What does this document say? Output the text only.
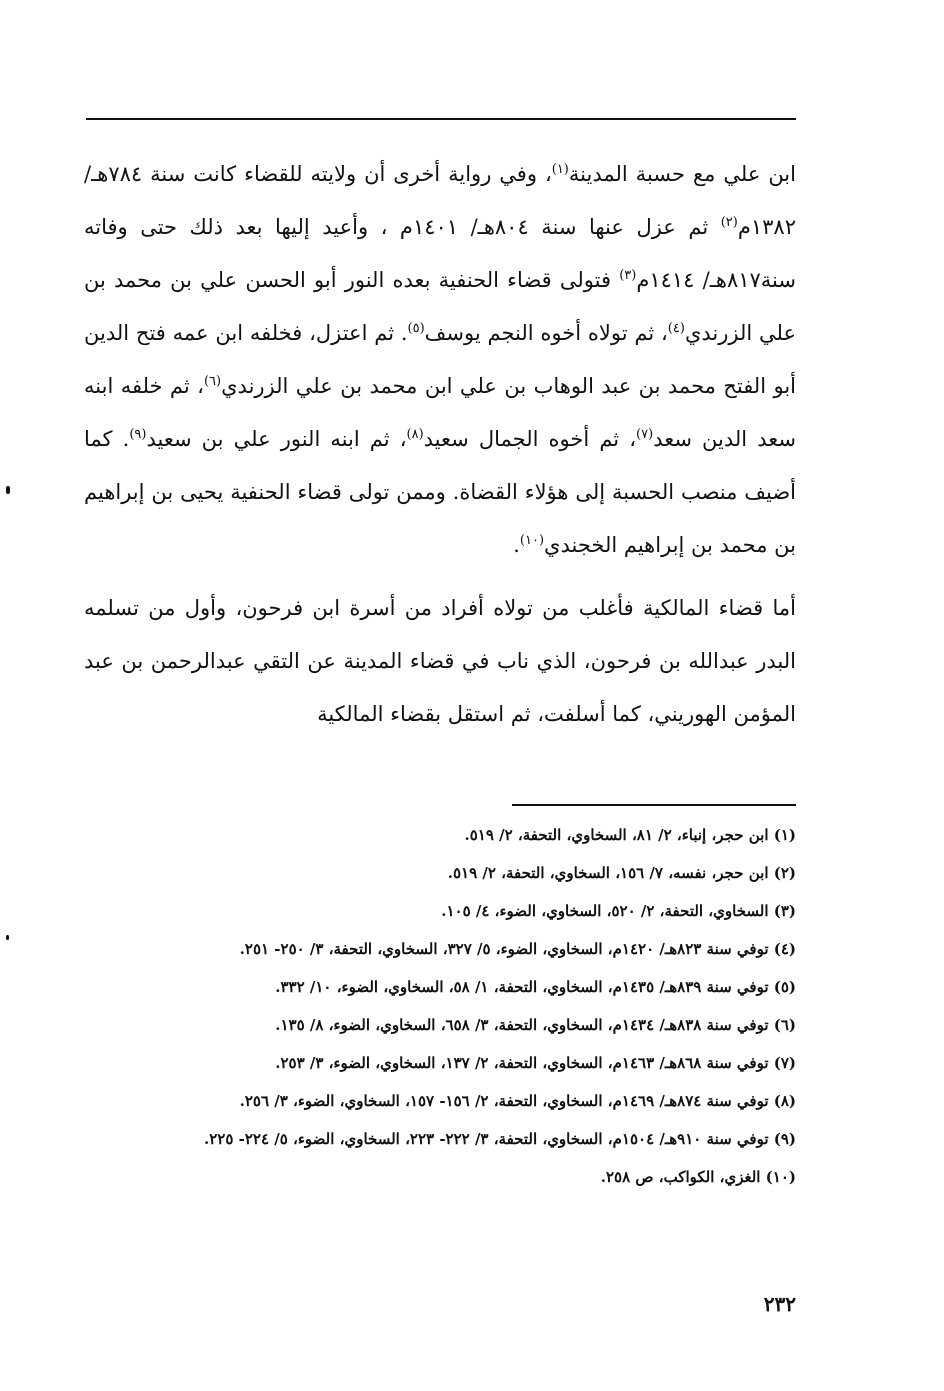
ابن علي مع حسبة المدينة$^{(١)}$، وفي رواية أخرى أن ولايته للقضاء كانت سنة ٧٨٤هـ/ ١٣٨٢م$^{(٢)}$ ثم عزل عنها سنة ٨٠٤هـ/ ١٤٠١م ، وأعيد إليها بعد ذلك حتى وفاته سنة٨١٧هـ/ ١٤١٤م$^{(٣)}$ فتولى قضاء الحنفية بعده النور أبو الحسن علي بن محمد بن علي الزرندي$^{(٤)}$، ثم تولاه أخوه النجم يوسف$^{(٥)}$. ثم اعتزل، فخلفه ابن عمه فتح الدين أبو الفتح محمد بن عبد الوهاب بن علي ابن محمد بن علي الزرندي$^{(٦)}$، ثم خلفه ابنه سعد الدين سعد$^{(٧)}$، ثم أخوه الجمال سعيد$^{(٨)}$، ثم ابنه النور علي بن سعيد$^{(٩)}$. كما أضيف منصب الحسبة إلى هؤلاء القضاة. وممن تولى قضاء الحنفية يحيى بن إبراهيم بن محمد بن إبراهيم الخجندي$^{(١٠)}$.

أما قضاء المالكية فأغلب من تولاه أفراد من أسرة ابن فرحون، وأول من تسلمه البدر عبدالله بن فرحون، الذي ناب في قضاء المدينة عن التقي عبدالرحمن بن عبد المؤمن الهوريني، كما أسلفت، ثم استقل بقضاء المالكية

(١) ابن حجر، إنباء، ٢/ ٨١، السخاوي، التحفة، ٢/ ٥١٩.

(٢) ابن حجر، نفسه، ٧/ ١٥٦، السخاوي، التحفة، ٢/ ٥١٩.

(٣) السخاوي، التحفة، ٢/ ٥٢٠، السخاوي، الضوء، ٤/ ١٠٥.

(٤) توفي سنة ٨٢٣هـ/ ١٤٢٠م، السخاوي، الضوء، ٥/ ٣٢٧، السخاوي، التحفة، ٣/ ٢٥٠- ٢٥١.

(٥) توفي سنة ٨٣٩هـ/ ١٤٣٥م، السخاوي، التحفة، ١/ ٥٨، السخاوي، الضوء، ١٠/ ٣٣٢.

(٦) توفي سنة ٨٣٨هـ/ ١٤٣٤م، السخاوي، التحفة، ٣/ ٦٥٨، السخاوي، الضوء، ٨/ ١٣٥.

(٧) توفي سنة ٨٦٨هـ/ ١٤٦٣م، السخاوي، التحفة، ٢/ ١٣٧، السخاوي، الضوء، ٣/ ٢٥٣.

(٨) توفي سنة ٨٧٤هـ/ ١٤٦٩م، السخاوي، التحفة، ٢/ ١٥٦- ١٥٧، السخاوي، الضوء، ٣/ ٢٥٦.

(٩) توفي سنة ٩١٠هـ/ ١٥٠٤م، السخاوي، التحفة، ٣/ ٢٢٢- ٢٢٣، السخاوي، الضوء، ٥/ ٢٢٤- ٢٢٥.

(١٠) الغزي، الكواكب، ص ٢٥٨.

٢٣٢
